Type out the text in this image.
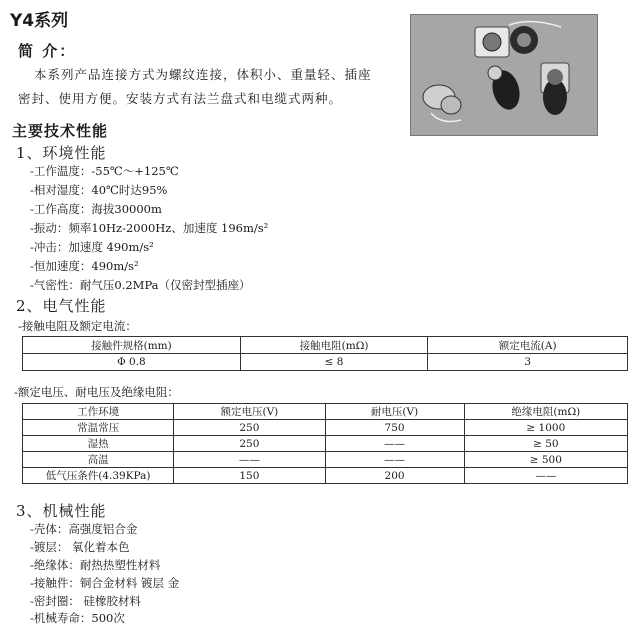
Y4系列
简 介：
本系列产品连接方式为螺纹连接，体积小、重量轻、插座
密封、使用方便。安装方式有法兰盘式和电缆式两种。
主要技术性能
1、环境性能
-工作温度：-55℃～+125℃
-相对湿度：40℃时达95%
-工作高度：海拔30000m
-振动：频率10Hz-2000Hz、加速度 196m/s²
-冲击：加速度 490m/s²
-恒加速度：490m/s²
-气密性：耐气压0.2MPa（仅密封型插座）
2、电气性能
-接触电阻及额定电流：
接触件规格(mm)	接触电阻(mΩ)	额定电流(A)
Φ 0.8	≤ 8	3
-额定电压、耐电压及绝缘电阻：
工作环境	额定电压(V)	耐电压(V)	绝缘电阻(mΩ)
常温常压	250	750	≥ 1000
湿热	250	——	≥ 50
高温	——	——	≥ 500
低气压条件(4.39KPa)	150	200	——
3、机械性能
-壳体：高强度铝合金
-镀层： 氧化着本色
-绝缘体：耐热热塑性材料
-接触件：铜合金材料 镀层 金
-密封圈： 硅橡胶材料
-机械寿命：500次
